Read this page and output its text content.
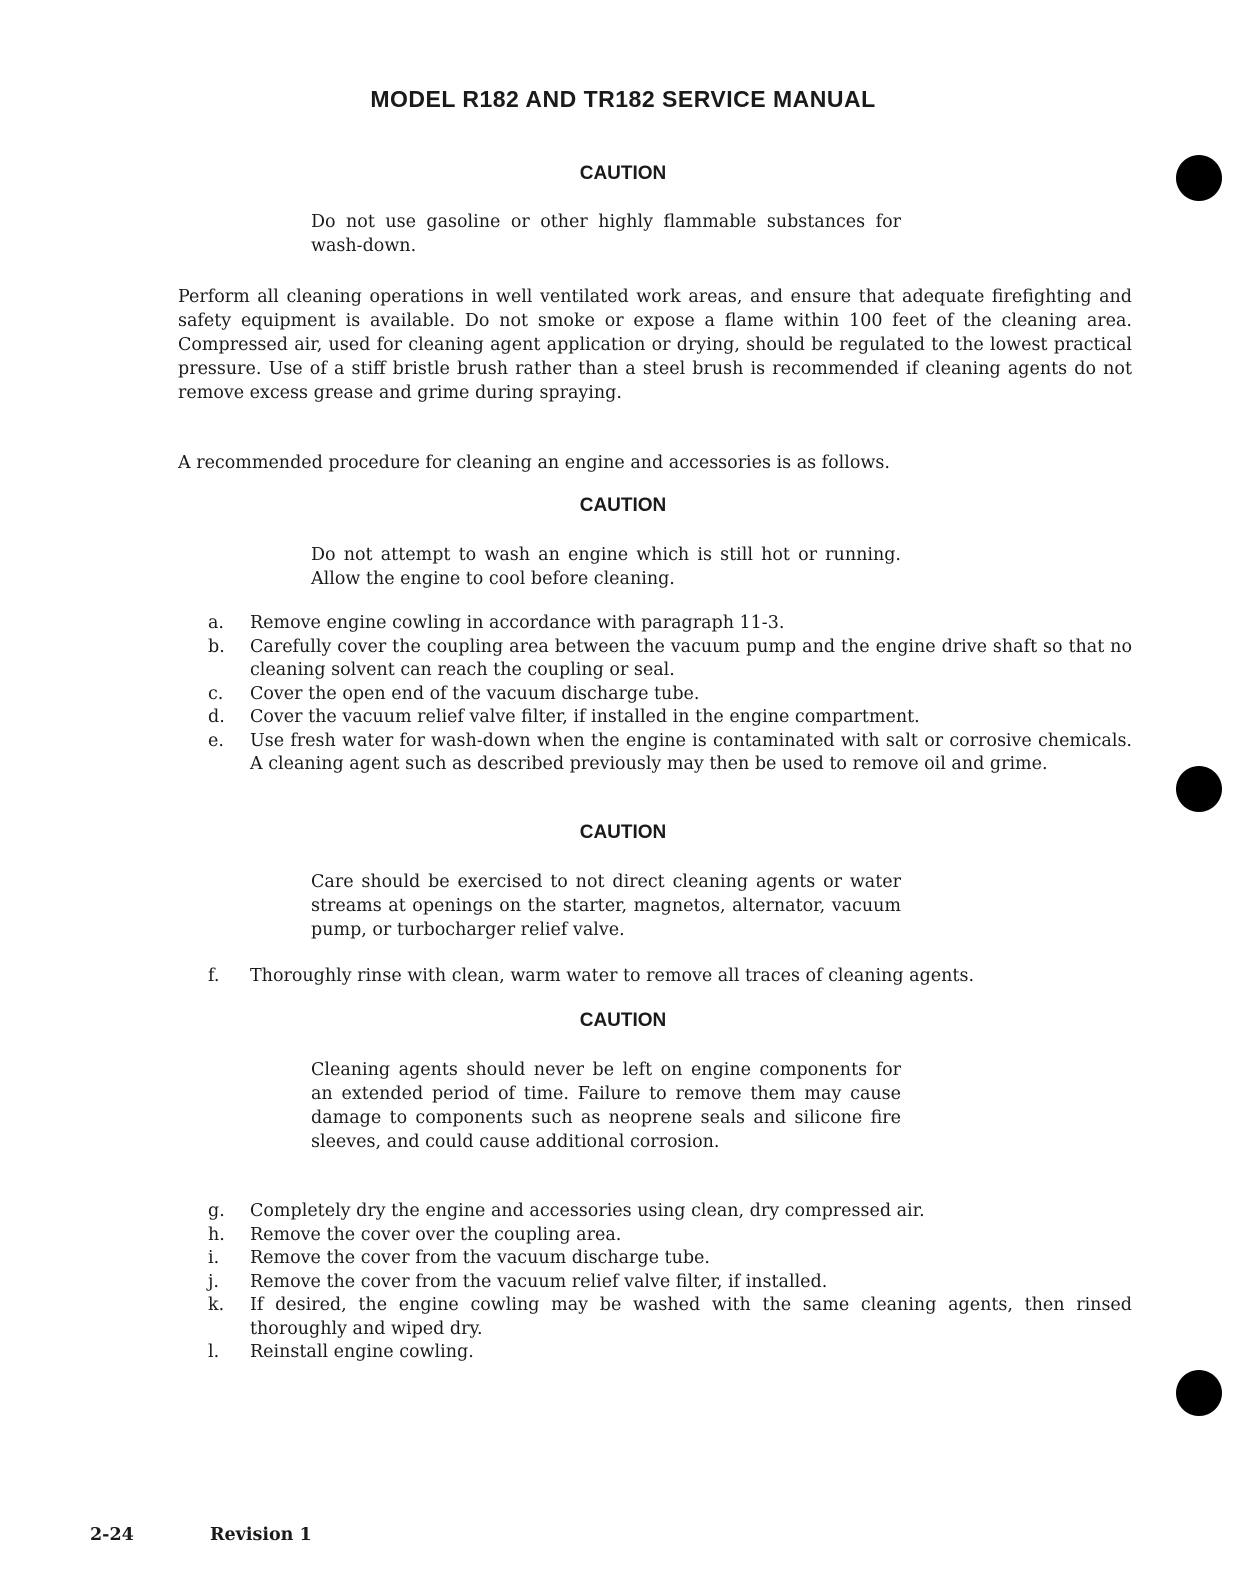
MODEL R182 AND TR182 SERVICE MANUAL
CAUTION
Do not use gasoline or other highly flammable substances for wash-down.
Perform all cleaning operations in well ventilated work areas, and ensure that adequate firefighting and safety equipment is available. Do not smoke or expose a flame within 100 feet of the cleaning area. Compressed air, used for cleaning agent application or drying, should be regulated to the lowest practical pressure. Use of a stiff bristle brush rather than a steel brush is recommended if cleaning agents do not remove excess grease and grime during spraying.
A recommended procedure for cleaning an engine and accessories is as follows.
CAUTION
Do not attempt to wash an engine which is still hot or running. Allow the engine to cool before cleaning.
a.	Remove engine cowling in accordance with paragraph 11-3.
b.	Carefully cover the coupling area between the vacuum pump and the engine drive shaft so that no cleaning solvent can reach the coupling or seal.
c.	Cover the open end of the vacuum discharge tube.
d.	Cover the vacuum relief valve filter, if installed in the engine compartment.
e.	Use fresh water for wash-down when the engine is contaminated with salt or corrosive chemicals. A cleaning agent such as described previously may then be used to remove oil and grime.
CAUTION
Care should be exercised to not direct cleaning agents or water streams at openings on the starter, magnetos, alternator, vacuum pump, or turbocharger relief valve.
f.	Thoroughly rinse with clean, warm water to remove all traces of cleaning agents.
CAUTION
Cleaning agents should never be left on engine components for an extended period of time. Failure to remove them may cause damage to components such as neoprene seals and silicone fire sleeves, and could cause additional corrosion.
g.	Completely dry the engine and accessories using clean, dry compressed air.
h.	Remove the cover over the coupling area.
i.	Remove the cover from the vacuum discharge tube.
j.	Remove the cover from the vacuum relief valve filter, if installed.
k.	If desired, the engine cowling may be washed with the same cleaning agents, then rinsed thoroughly and wiped dry.
l.	Reinstall engine cowling.
2-24	Revision 1
